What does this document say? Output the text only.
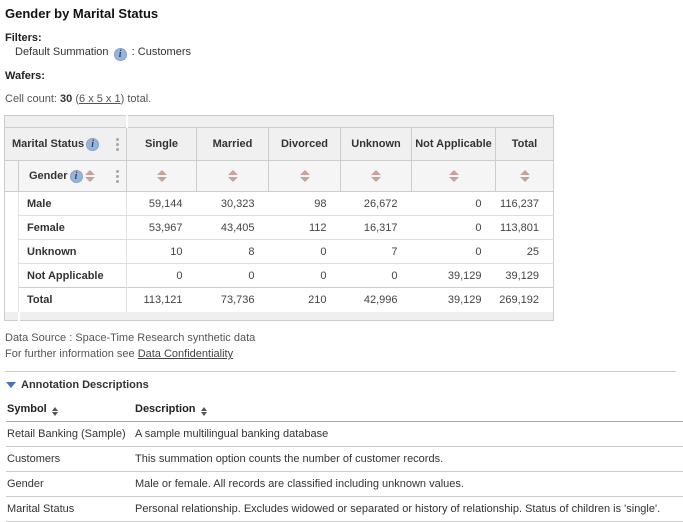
Gender by Marital Status
Filters:
Default Summation i : Customers
Wafers:
Cell count: 30 (6 x 5 x 1) total.

Marital Status i		Single	Married	Divorced	Unknown	Not Applicable	Total

	Gender i						

	Male	59,144	30,323	98	26,672	0	116,237
	Female	53,967	43,405	112	16,317	0	113,801
	Unknown	10	8	0	7	0	25
	Not Applicable	0	0	0	0	39,129	39,129
	Total	113,121	73,736	210	42,996	39,129	269,192

Data Source : Space-Time Research synthetic data
For further information see Data Confidentiality
Annotation Descriptions
Symbol	Description

Retail Banking (Sample)	A sample multilingual banking database
Customers	This summation option counts the number of customer records.
Gender	Male or female. All records are classified including unknown values.
Marital Status	Personal relationship. Excludes widowed or separated or history of relationship. Status of children is 'single'.
